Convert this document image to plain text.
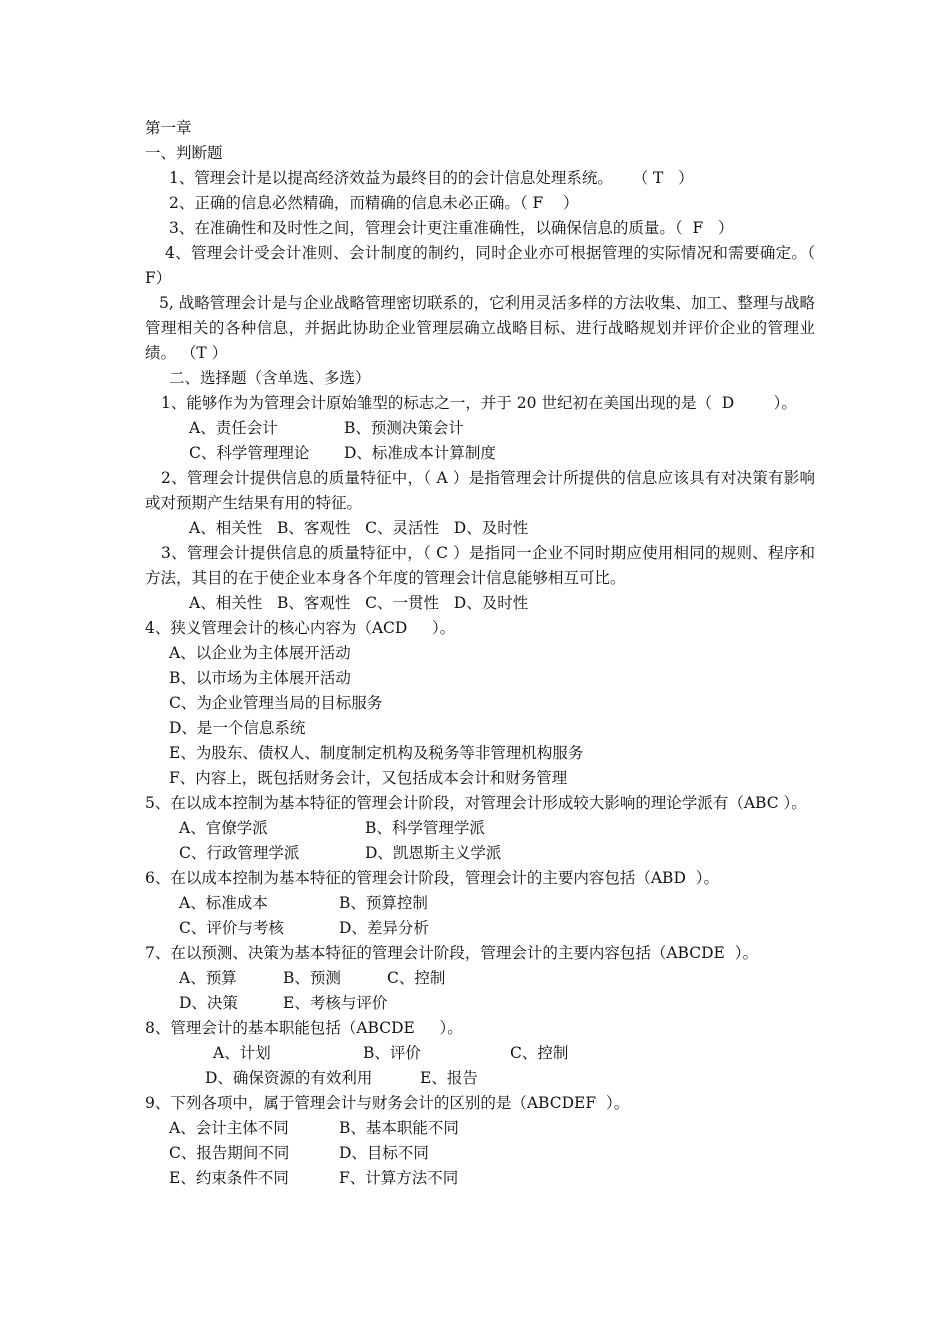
第一章
一、判断题
1、管理会计是以提高经济效益为最终目的的会计信息处理系统。    （ T   ）
2、正确的信息必然精确，而精确的信息未必正确。（ F    ）
3、在准确性和及时性之间，管理会计更注重准确性，以确保信息的质量。（  F   ）
4、管理会计受会计准则、会计制度的制约，同时企业亦可根据管理的实际情况和需要确定。（ F）
5, 战略管理会计是与企业战略管理密切联系的，它利用灵活多样的方法收集、加工、整理与战略管理相关的各种信息，并据此协助企业管理层确立战略目标、进行战略规划并评价企业的管理业绩。 （T ）
二、选择题（含单选、多选）
1、能够作为为管理会计原始雏型的标志之一，并于 20 世纪初在美国出现的是（  D        ）。
A、责任会计	B、预测决策会计
C、科学管理理论	D、标准成本计算制度
2、管理会计提供信息的质量特征中，（ A ）是指管理会计所提供的信息应该具有对决策有影响或对预期产生结果有用的特征。
A、相关性   B、客观性   C、灵活性   D、及时性
3、管理会计提供信息的质量特征中，（ C ）是指同一企业不同时期应使用相同的规则、程序和方法，其目的在于使企业本身各个年度的管理会计信息能够相互可比。
A、相关性   B、客观性   C、一贯性   D、及时性
4、狭义管理会计的核心内容为（ACD     ）。
A、以企业为主体展开活动
B、以市场为主体展开活动
C、为企业管理当局的目标服务
D、是一个信息系统
E、为股东、债权人、制度制定机构及税务等非管理机构服务
F、内容上，既包括财务会计，又包括成本会计和财务管理
5、在以成本控制为基本特征的管理会计阶段，对管理会计形成较大影响的理论学派有（ABC ）。
A、官僚学派	B、科学管理学派
C、行政管理学派	D、凯恩斯主义学派
6、在以成本控制为基本特征的管理会计阶段，管理会计的主要内容包括（ABD  ）。
A、标准成本	B、预算控制
C、评价与考核	D、差异分析
7、在以预测、决策为基本特征的管理会计阶段，管理会计的主要内容包括（ABCDE  ）。
A、预算	B、预测	C、控制
D、决策	E、考核与评价
8、管理会计的基本职能包括（ABCDE     ）。
A、计划	B、评价	C、控制
D、确保资源的有效利用	E、报告
9、下列各项中，属于管理会计与财务会计的区别的是（ABCDEF  ）。
A、会计主体不同	B、基本职能不同
C、报告期间不同	D、目标不同
E、约束条件不同	F、计算方法不同
